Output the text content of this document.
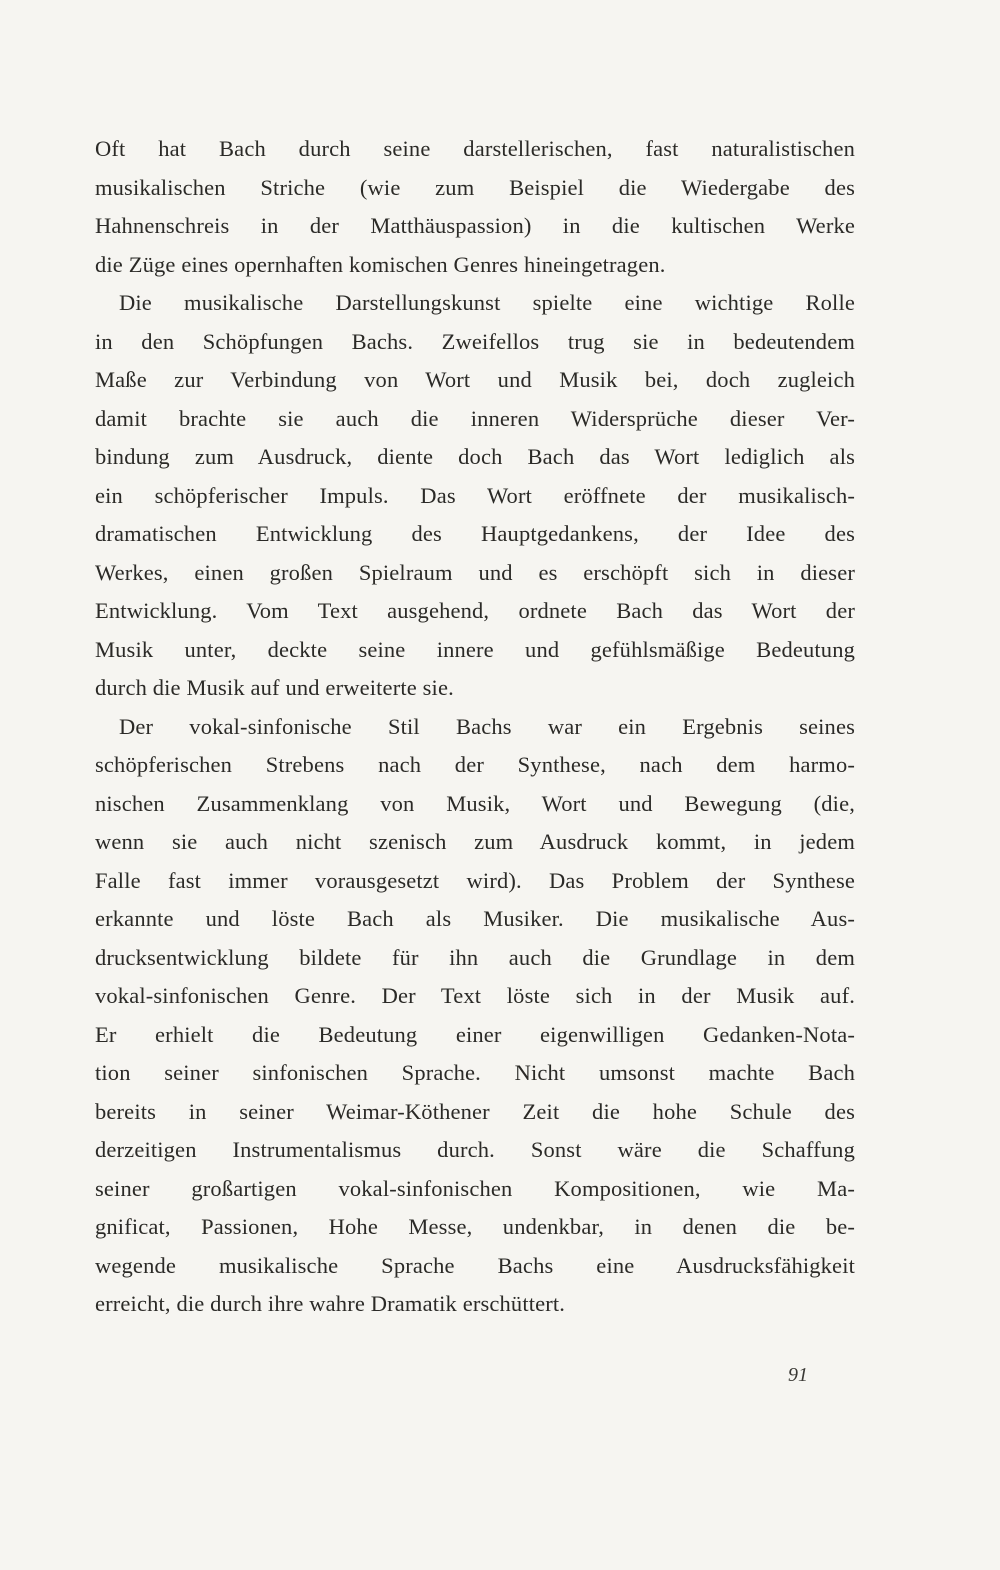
Oft hat Bach durch seine darstellerischen, fast naturalistischen
musikalischen Striche (wie zum Beispiel die Wiedergabe des
Hahnenschreis in der Matthäuspassion) in die kultischen Werke
die Züge eines opernhaften komischen Genres hineingetragen.
Die musikalische Darstellungskunst spielte eine wichtige Rolle
in den Schöpfungen Bachs. Zweifellos trug sie in bedeutendem
Maße zur Verbindung von Wort und Musik bei, doch zugleich
damit brachte sie auch die inneren Widersprüche dieser Ver-
bindung zum Ausdruck, diente doch Bach das Wort lediglich als
ein schöpferischer Impuls. Das Wort eröffnete der musikalisch-
dramatischen Entwicklung des Hauptgedankens, der Idee des
Werkes, einen großen Spielraum und es erschöpft sich in dieser
Entwicklung. Vom Text ausgehend, ordnete Bach das Wort der
Musik unter, deckte seine innere und gefühlsmäßige Bedeutung
durch die Musik auf und erweiterte sie.
Der vokal-sinfonische Stil Bachs war ein Ergebnis seines
schöpferischen Strebens nach der Synthese, nach dem harmo-
nischen Zusammenklang von Musik, Wort und Bewegung (die,
wenn sie auch nicht szenisch zum Ausdruck kommt, in jedem
Falle fast immer vorausgesetzt wird). Das Problem der Synthese
erkannte und löste Bach als Musiker. Die musikalische Aus-
drucksentwicklung bildete für ihn auch die Grundlage in dem
vokal-sinfonischen Genre. Der Text löste sich in der Musik auf.
Er erhielt die Bedeutung einer eigenwilligen Gedanken-Nota-
tion seiner sinfonischen Sprache. Nicht umsonst machte Bach
bereits in seiner Weimar-Köthener Zeit die hohe Schule des
derzeitigen Instrumentalismus durch. Sonst wäre die Schaffung
seiner großartigen vokal-sinfonischen Kompositionen, wie Ma-
gnificat, Passionen, Hohe Messe, undenkbar, in denen die be-
wegende musikalische Sprache Bachs eine Ausdrucksfähigkeit
erreicht, die durch ihre wahre Dramatik erschüttert.
91
